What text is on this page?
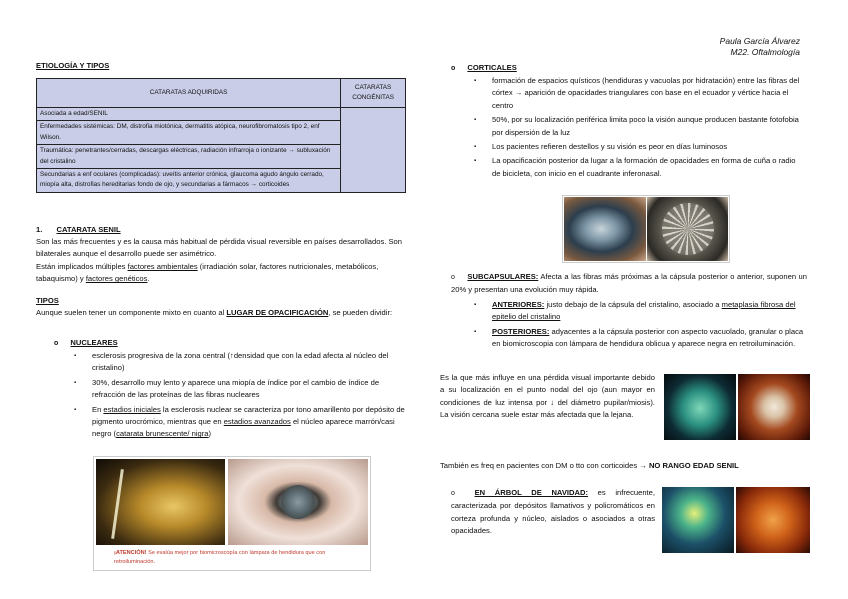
Paula García Álvarez
M22. Oftalmología
ETIOLOGÍA Y TIPOS
CATARATAS ADQUIRIDAS	CATARATAS CONGÉNITAS
Asociada a edad/SENIL	
Enfermedades sistémicas: DM, distrofia miotónica, dermatitis atópica, neurofibromatosis tipo 2, enf Wilson.	
Traumática: penetrantes/cerradas, descargas eléctricas, radiación infrarroja o ionizante → subluxación del cristalino	
Secundarias a enf oculares (complicadas): uveítis anterior crónica, glaucoma agudo ángulo cerrado, miopía alta, distrofias hereditarias fondo de ojo, y secundarias a fármacos → corticoides	
1. CATARATA SENIL
Son las más frecuentes y es la causa más habitual de pérdida visual reversible en países desarrollados. Son bilaterales aunque el desarrollo puede ser asimétrico.
Están implicados múltiples factores ambientales (irradiación solar, factores nutricionales, metabólicos, tabaquismo) y factores genéticos.
TIPOS
Aunque suelen tener un componente mixto en cuanto al LUGAR DE OPACIFICACIÓN, se pueden dividir:
o NUCLEARES
▪	esclerosis progresiva de la zona central (↑densidad que con la edad afecta al núcleo del cristalino)
▪	30%, desarrollo muy lento y aparece una miopía de índice por el cambio de índice de refracción de las proteínas de las fibras nucleares
▪	En estadios iniciales la esclerosis nuclear se caracteriza por tono amarillento por depósito de pigmento urocrómico, mientras que en estadios avanzados el núcleo aparece marrón/casi negro (catarata brunescente/ nigra)
¡ATENCIÓN! Se evalúa mejor por biomicroscopía con lámpara de hendidura que con retroiluminación.
o CORTICALES
▪	formación de espacios quísticos (hendiduras y vacuolas por hidratación) entre las fibras del córtex → aparición de opacidades triangulares con base en el ecuador y vértice hacia el centro
▪	50%, por su localización periférica limita poco la visión aunque producen bastante fotofobia por dispersión de la luz
▪	Los pacientes refieren destellos y su visión es peor en días luminosos
▪	La opacificación posterior da lugar a la formación de opacidades en forma de cuña o radio de bicicleta, con inicio en el cuadrante inferonasal.
o SUBCAPSULARES: Afecta a las fibras más próximas a la cápsula posterior o anterior, suponen un 20% y presentan una evolución muy rápida.
▪	ANTERIORES: justo debajo de la cápsula del cristalino, asociado a metaplasia fibrosa del epitelio del cristalino
▪	POSTERIORES: adyacentes a la cápsula posterior con aspecto vacuolado, granular o placa en biomicroscopia con lámpara de hendidura oblicua y aparece negra en retroiluminación.
Es la que más influye en una pérdida visual importante debido a su localización en el punto nodal del ojo (aun mayor en condiciones de luz intensa por ↓ del diámetro pupilar/miosis). La visión cercana suele estar más afectada que la lejana.
También es freq en pacientes con DM o tto con corticoides → NO RANGO EDAD SENIL
o	EN ÁRBOL DE NAVIDAD: es infrecuente, caracterizada por depósitos llamativos y policromáticos en corteza profunda y núcleo, aislados o asociados a otras opacidades.
